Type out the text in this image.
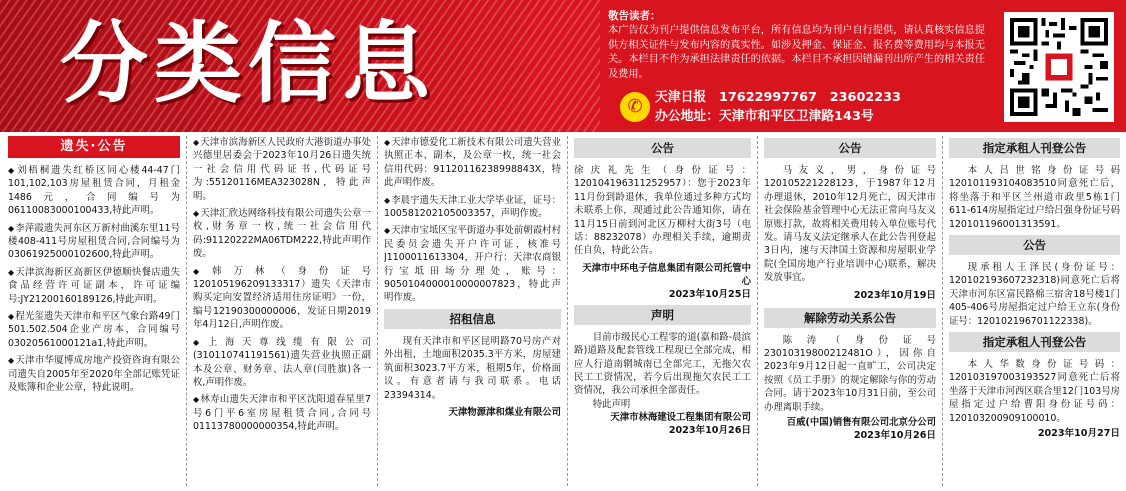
分类信息	敬告读者：
本广告仅为刊户提供信息发布平台，所有信息均为刊户自行提供，请认真核实信息提供方相关证件与发布内容的真实性。如涉及押金、保证金、报名费等费用均与本报无关。本栏目不作为承担法律责任的依据。本栏目不承担因错漏刊出所产生的相关责任及费用。
✆ 天津日报　17622997767　23602233
办公地址：天津市和平区卫津路143号
遗失·公告

◆ 刘梧桐遗失红桥区同心楼44-47门101,102,103房屋租赁合同，月租金1486元，合同编号为06110083000100433,特此声明。

◆ 李萍霞遗失河东区万新村曲溪东里11号楼408-411号房屋租赁合同,合同编号为03061925000102600,特此声明。

◆ 天津滨海新区高新区伊德顺快餐店遗失食品经营许可证副本，许可证编号:JY21200160189126,特此声明。

◆ 程光玺遗失天津市和平区气象台路49门501.502.504企业产房本，合同编号03020561000121a1,特此声明。

◆ 天津市华厦博成房地产投资咨询有限公司遗失自2005年至2020年全部记账凭证及账簿和企业公章，特此说明。

◆ 天津市滨海新区人民政府大港街道办事处兴德里居委会于2023年10月26日遗失统一社会信用代码证书,代码证号为:55120116MEA323028N，特此声明。

◆ 天津汇欣达网络科技有限公司遗失公章一枚,财务章一枚,统一社会信用代码:91120222MA06TDM222,特此声明作废。

◆ 韩万林（身份证号120105196209133317）遗失《天津市购买定向安置经济适用住房证明》一份，编号12190300000006，发证日期2019年4月12日,声明作废。

◆ 上海天尊线缆有限公司(310110741191561)遗失营业执照正副本及公章、财务章、法人章(闫胜旗)各一枚,声明作废。

◆ 林寿山遗失天津市和平区沈阳道春星里7号6门平6室房屋租赁合同,合同号01113780000000354,特此声明。

◆ 天津市德爱化工新技术有限公司遗失营业执照正本、副本，及公章一枚，统一社会信用代码：91120116238998843X，特此声明作废。

◆ 李晨宇遗失天津工业大学毕业证，证号：100581202105003357，声明作废。

◆ 天津市宝坻区宝平街道办事处前朝霞村村民委员会遗失开户许可证，核准号J1100011613304，开户行：天津农商银行宝坻田场分理处，账号：9050104000010000007823，特此声明作废。

招租信息

现有天津市和平区昆明路70号房产对外出租，土地面积2035.3平方米，房屋建筑面积3023.7平方米，租期5年，价格面议。有意者请与我司联系。电话23394314。

天津物源津和煤业有限公司
公告

徐庆礼先生（身份证号：120104196311252957）：您于2023年11月份到龄退休，我单位通过多种方式均未联系上你，现通过此公告通知你，请在11月15日前到河北区万柳村大街3号（电话：88232078）办理相关手续，逾期责任自负，特此公告。

天津市中环电子信息集团有限公司托管中心
2023年10月25日
声明

目前市级民心工程零的道(嘉和路-晨滨路)道路及配套管线工程现已全部完成，相应人行道南辋城南已全部完工，无拖欠农民工工资情况，若今后出现拖欠农民工工资情况，我公司承担全部责任。

特此声明

天津市林海建设工程集团有限公司
2023年10月26日
公告

马友义，男，身份证号120105221228123，于1987年12月办理退休，2010年12月死亡，因天津市社会保险基金管理中心无法正常向马友义原账打款，故将相关费用转入单位账号代发。请马友义法定继承人在此公告刊登起3日内，速与天津国土资源和房屋职业学院(全国房地产行业培训中心)联系，解决发放事宜。

2023年10月19日
解除劳动关系公告

陈涛（身份证号23010319800212481O），因你自2023年9月12日起一直旷工，公司决定按照《员工手册》的规定解除与你的劳动合同。请于2023年10月31日前，至公司办理离职手续。

百威(中国)销售有限公司北京分公司
2023年10月26日
指定承租人刊登公告

本人吕世铭身份证号码120101193104083510同意死亡后，将坐落于和平区兰州道市政里5栋1门611-614房屋指定过户给吕强身份证号码120101196001313591。

公告

现承租人王泽民(身份证号：120102193607232318)同意死亡后将天津市河东区富民路棉三宿舍18号楼1门405-406号房屋指定过户给王立东(身份证号：120102196701122338)。

指定承租人刊登公告

本人华数身份证号码：120103197003193527同意死亡后将坐落于天津市河西区联合里12门103号房屋指定过户给曹阳身份证号码：120103200909100010。

2023年10月27日
